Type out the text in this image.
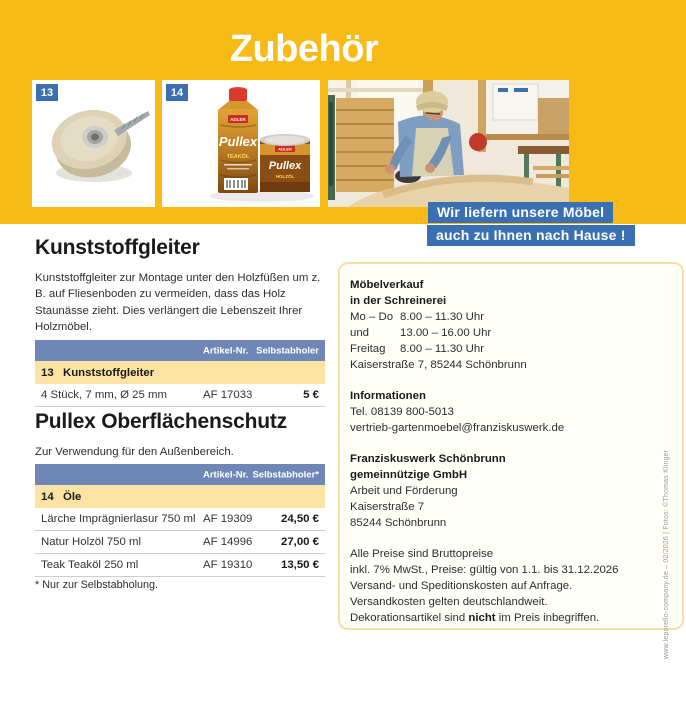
Zubehör
13	14
ADLER
Pullex
TEAKÖL
ADLER
Pullex
HOLZÖL
Wir liefern unsere Möbel
auch zu Ihnen nach Hause !
Kunststoffgleiter
Kunststoffgleiter zur Montage unter den Holzfüßen um z. B. auf Fliesenboden zu vermeiden, dass das Holz Staunässe zieht. Dies verlängert die Lebenszeit Ihrer Holzmöbel.
Artikel-Nr. Selbstabholer
13 Kunststoffgleiter
4 Stück, 7 mm, Ø 25 mm	AF 17033	5 €
Pullex Oberflächenschutz
Zur Verwendung für den Außenbereich.
Artikel-Nr. Selbstabholer*
14 Öle
Lärche Imprägnierlasur 750 ml AF 19309	24,50 €
Natur Holzöl 750 ml	AF 14996	27,00 €
Teak Teaköl 250 ml	AF 19310	13,50 €
* Nur zur Selbstabholung.
Möbelverkauf
in der Schreinerei
Mo – Do 8.00 – 11.30 Uhr
und	13.00 – 16.00 Uhr
Freitag	8.00 – 11.30 Uhr
Kaiserstraße 7, 85244 Schönbrunn
Informationen
Tel. 08139 800-5013
vertrieb-gartenmoebel@franziskuswerk.de
Franziskuswerk Schönbrunn
gemeinnützige GmbH
Arbeit und Förderung
Kaiserstraße 7
85244 Schönbrunn
Alle Preise sind Bruttopreise
inkl. 7% MwSt., Preise: gültig von 1.1. bis 31.12.2026
Versand- und Speditionskosten auf Anfrage.
Versandkosten gelten deutschlandweit.
Dekorationsartikel sind nicht im Preis inbegriffen.	www.leporello-company.de – 02/2026 | Fotos: ©Thomas Klinger
